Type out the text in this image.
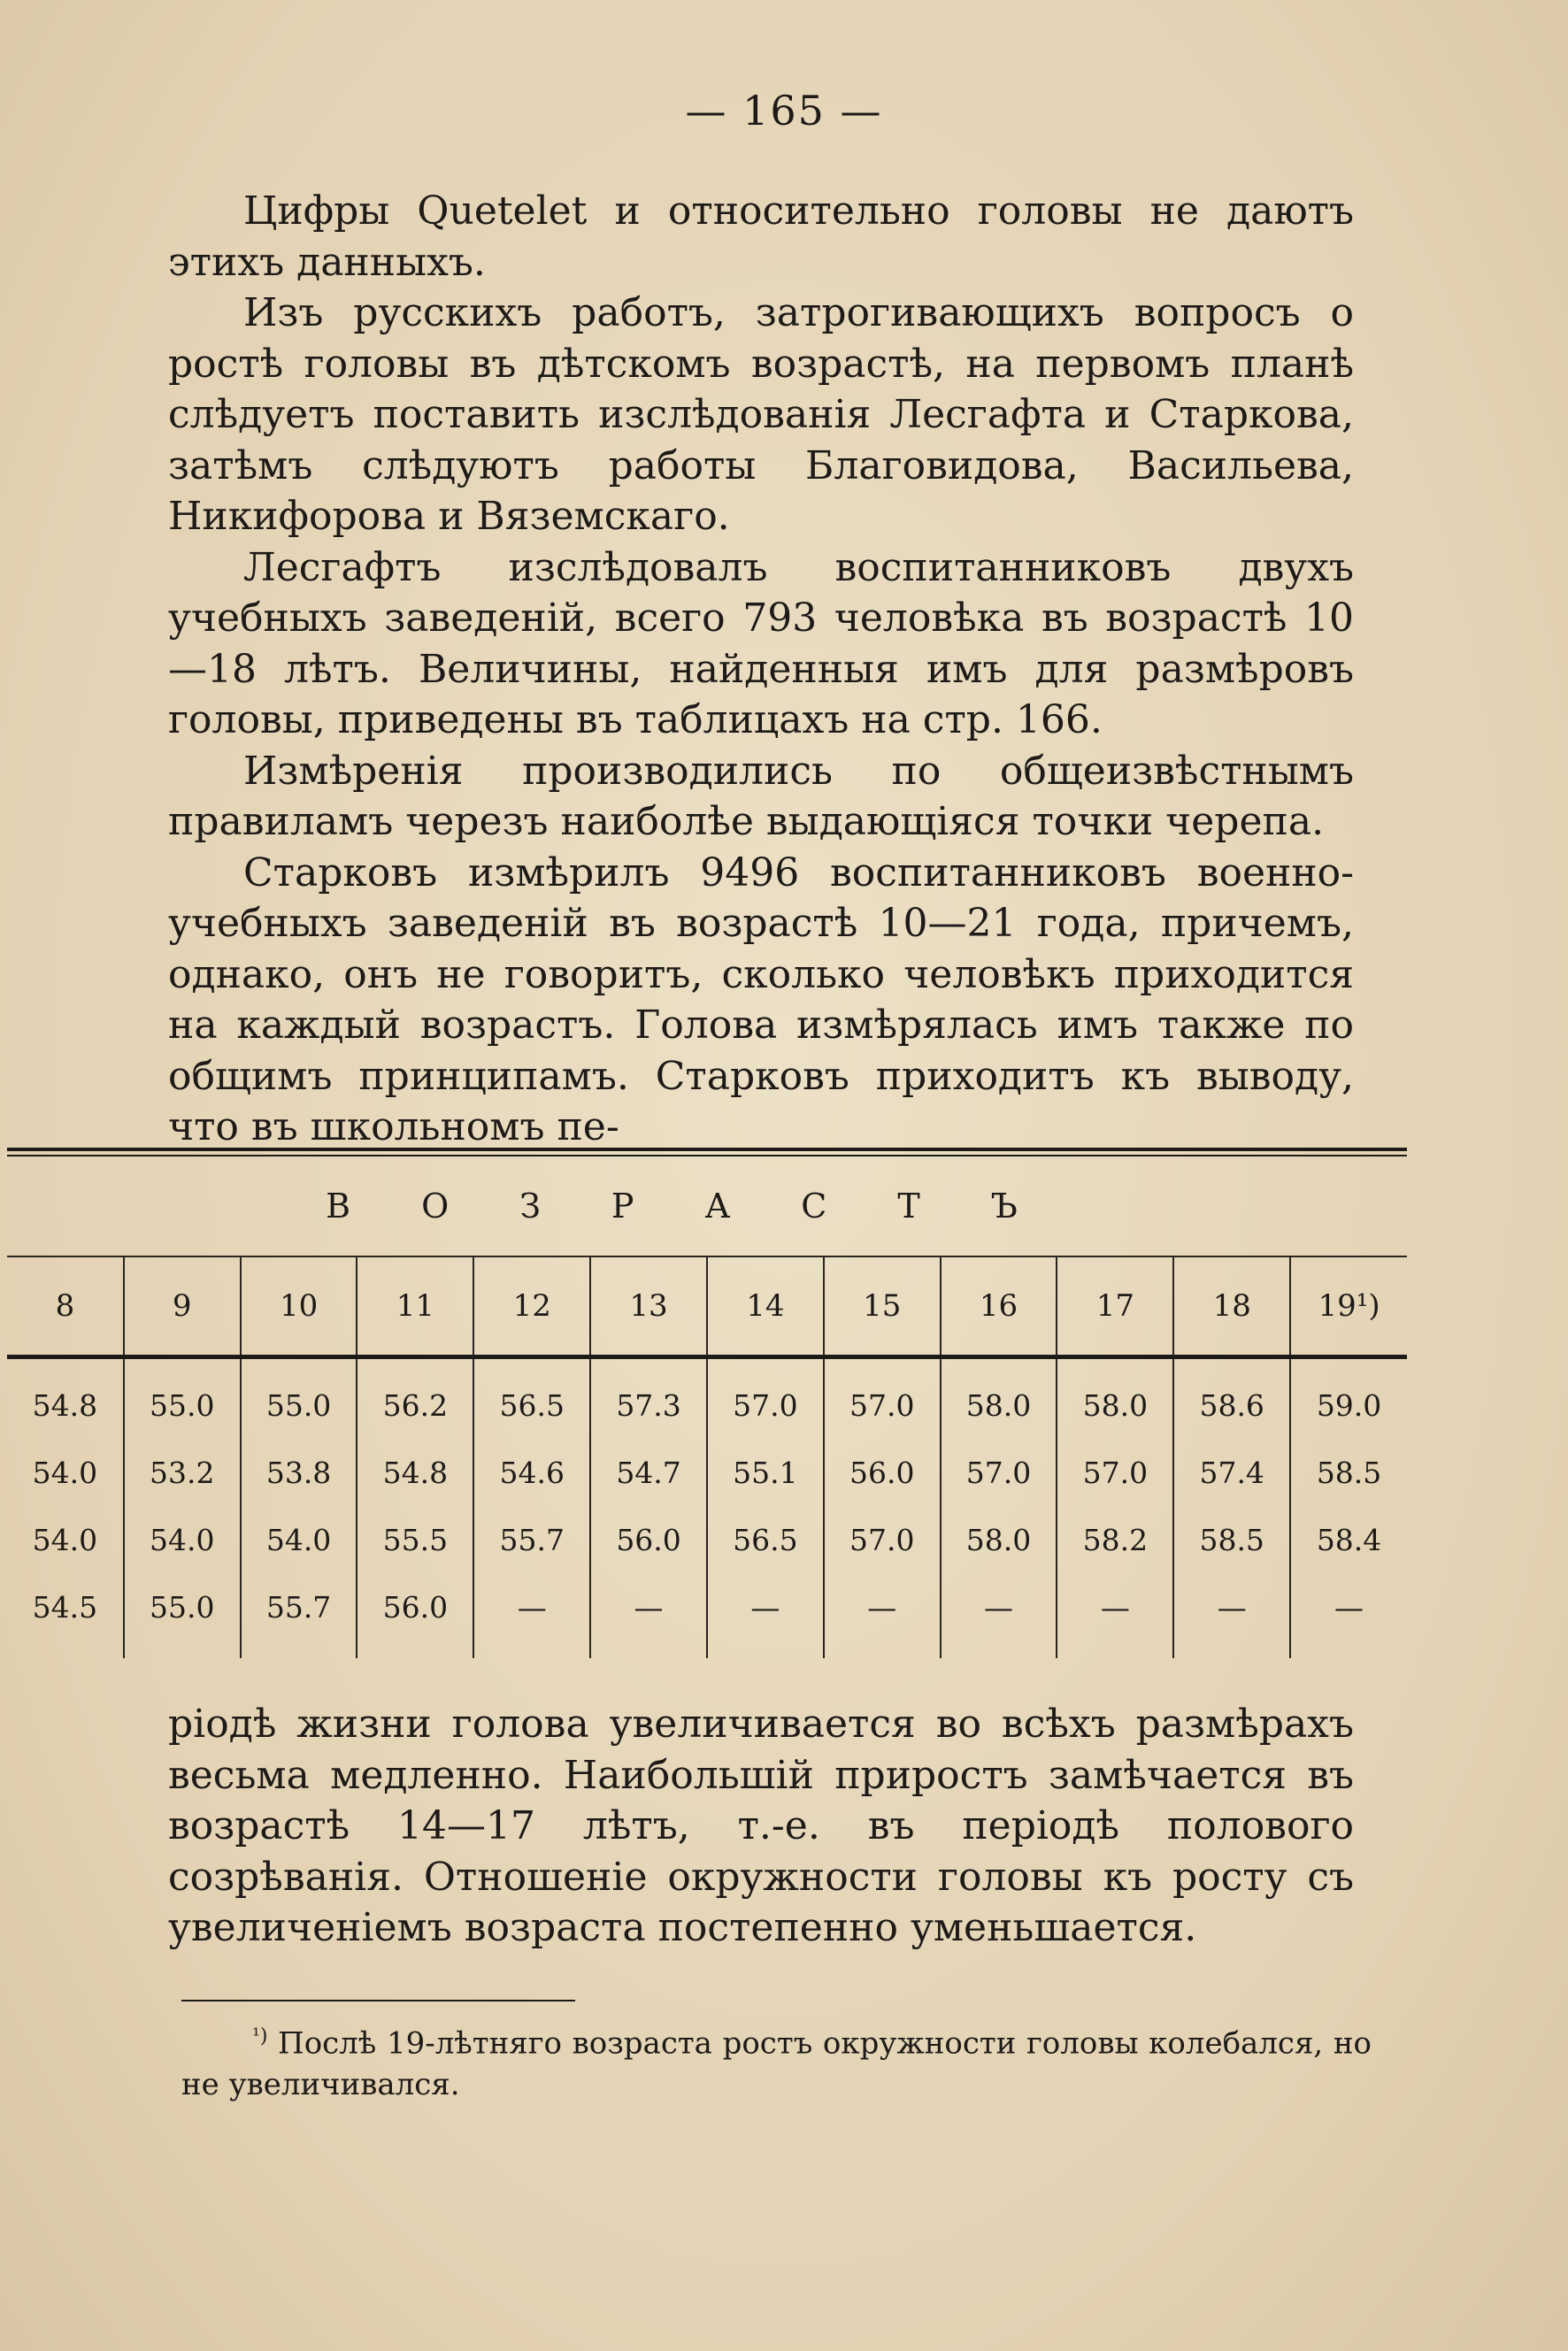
— 165 —

Цифры Quetelet и относительно головы не даютъ этихъ данныхъ.

Изъ русскихъ работъ, затрогивающихъ вопросъ о ростѣ головы въ дѣтскомъ возрастѣ, на первомъ планѣ слѣдуетъ поставить изслѣдованія Лесгафта и Старкова, затѣмъ слѣдуютъ работы Благовидова, Васильева, Никифорова и Вяземскаго.

Лесгафтъ изслѣдовалъ воспитанниковъ двухъ учебныхъ заведеній, всего 793 человѣка въ возрастѣ 10—18 лѣтъ. Величины, найденныя имъ для размѣровъ головы, приведены въ таблицахъ на стр. 166.

Измѣренія производились по общеизвѣстнымъ правиламъ черезъ наиболѣе выдающіяся точки черепа.

Старковъ измѣрилъ 9496 воспитанниковъ военно-учебныхъ заведеній въ возрастѣ 10—21 года, причемъ, однако, онъ не говоритъ, сколько человѣкъ приходится на каждый возрастъ. Голова измѣрялась имъ также по общимъ принципамъ. Старковъ приходитъ къ выводу, что въ школьномъ пе-

ВОЗРАСТЪ
8	9	10	11	12	13	14	15	16	17	18	19¹)
54.8	55.0	55.0	56.2	56.5	57.3	57.0	57.0	58.0	58.0	58.6	59.0
54.0	53.2	53.8	54.8	54.6	54.7	55.1	56.0	57.0	57.0	57.4	58.5
54.0	54.0	54.0	55.5	55.7	56.0	56.5	57.0	58.0	58.2	58.5	58.4
54.5	55.0	55.7	56.0	—	—	—	—	—	—	—	—

ріодѣ жизни голова увеличивается во всѣхъ размѣрахъ весьма медленно. Наибольшій приростъ замѣчается въ возрастѣ 14—17 лѣтъ, т.-е. въ періодѣ полового созрѣванія. Отношеніе окружности головы къ росту съ увеличеніемъ возраста постепенно уменьшается.

$^{^1)}$ Послѣ 19-лѣтняго возраста ростъ окружности головы колебался, но не увеличивался.
